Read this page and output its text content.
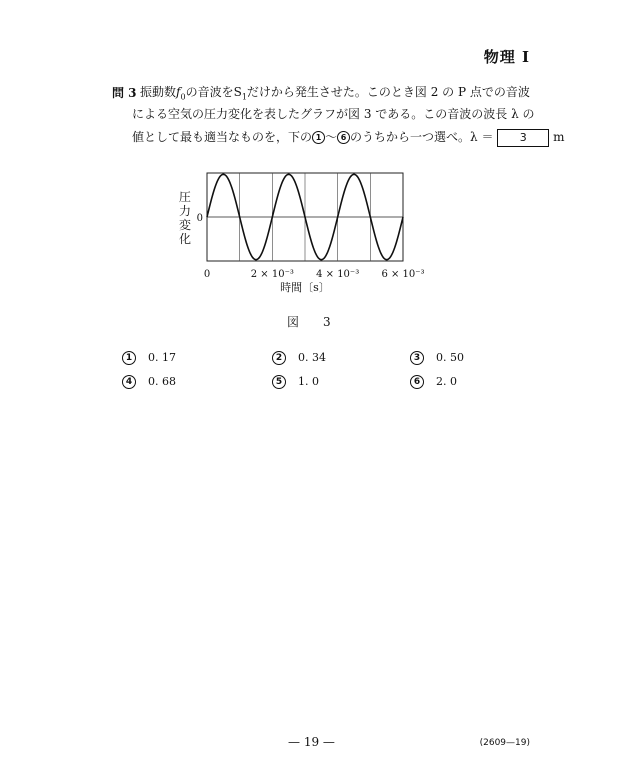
物理 I
問 3 振動数$f_0$の音波を$S_1$だけから発生させた。このとき図 2 の P 点での音波
による空気の圧力変化を表したグラフが図 3 である。この音波の波長 λ の
値として最も適当なものを，下の 1 ～ 6 のうちから一つ選べ。λ ＝ 3 m
圧力変化
0
0	2 × 10⁻³ 4 × 10⁻³ 6 × 10⁻³
時間〔s〕
図　3
1 0. 17	2 0. 34	3 0. 50
4 0. 68	5 1. 0	6 2. 0
— 19 —	(2609—19)
